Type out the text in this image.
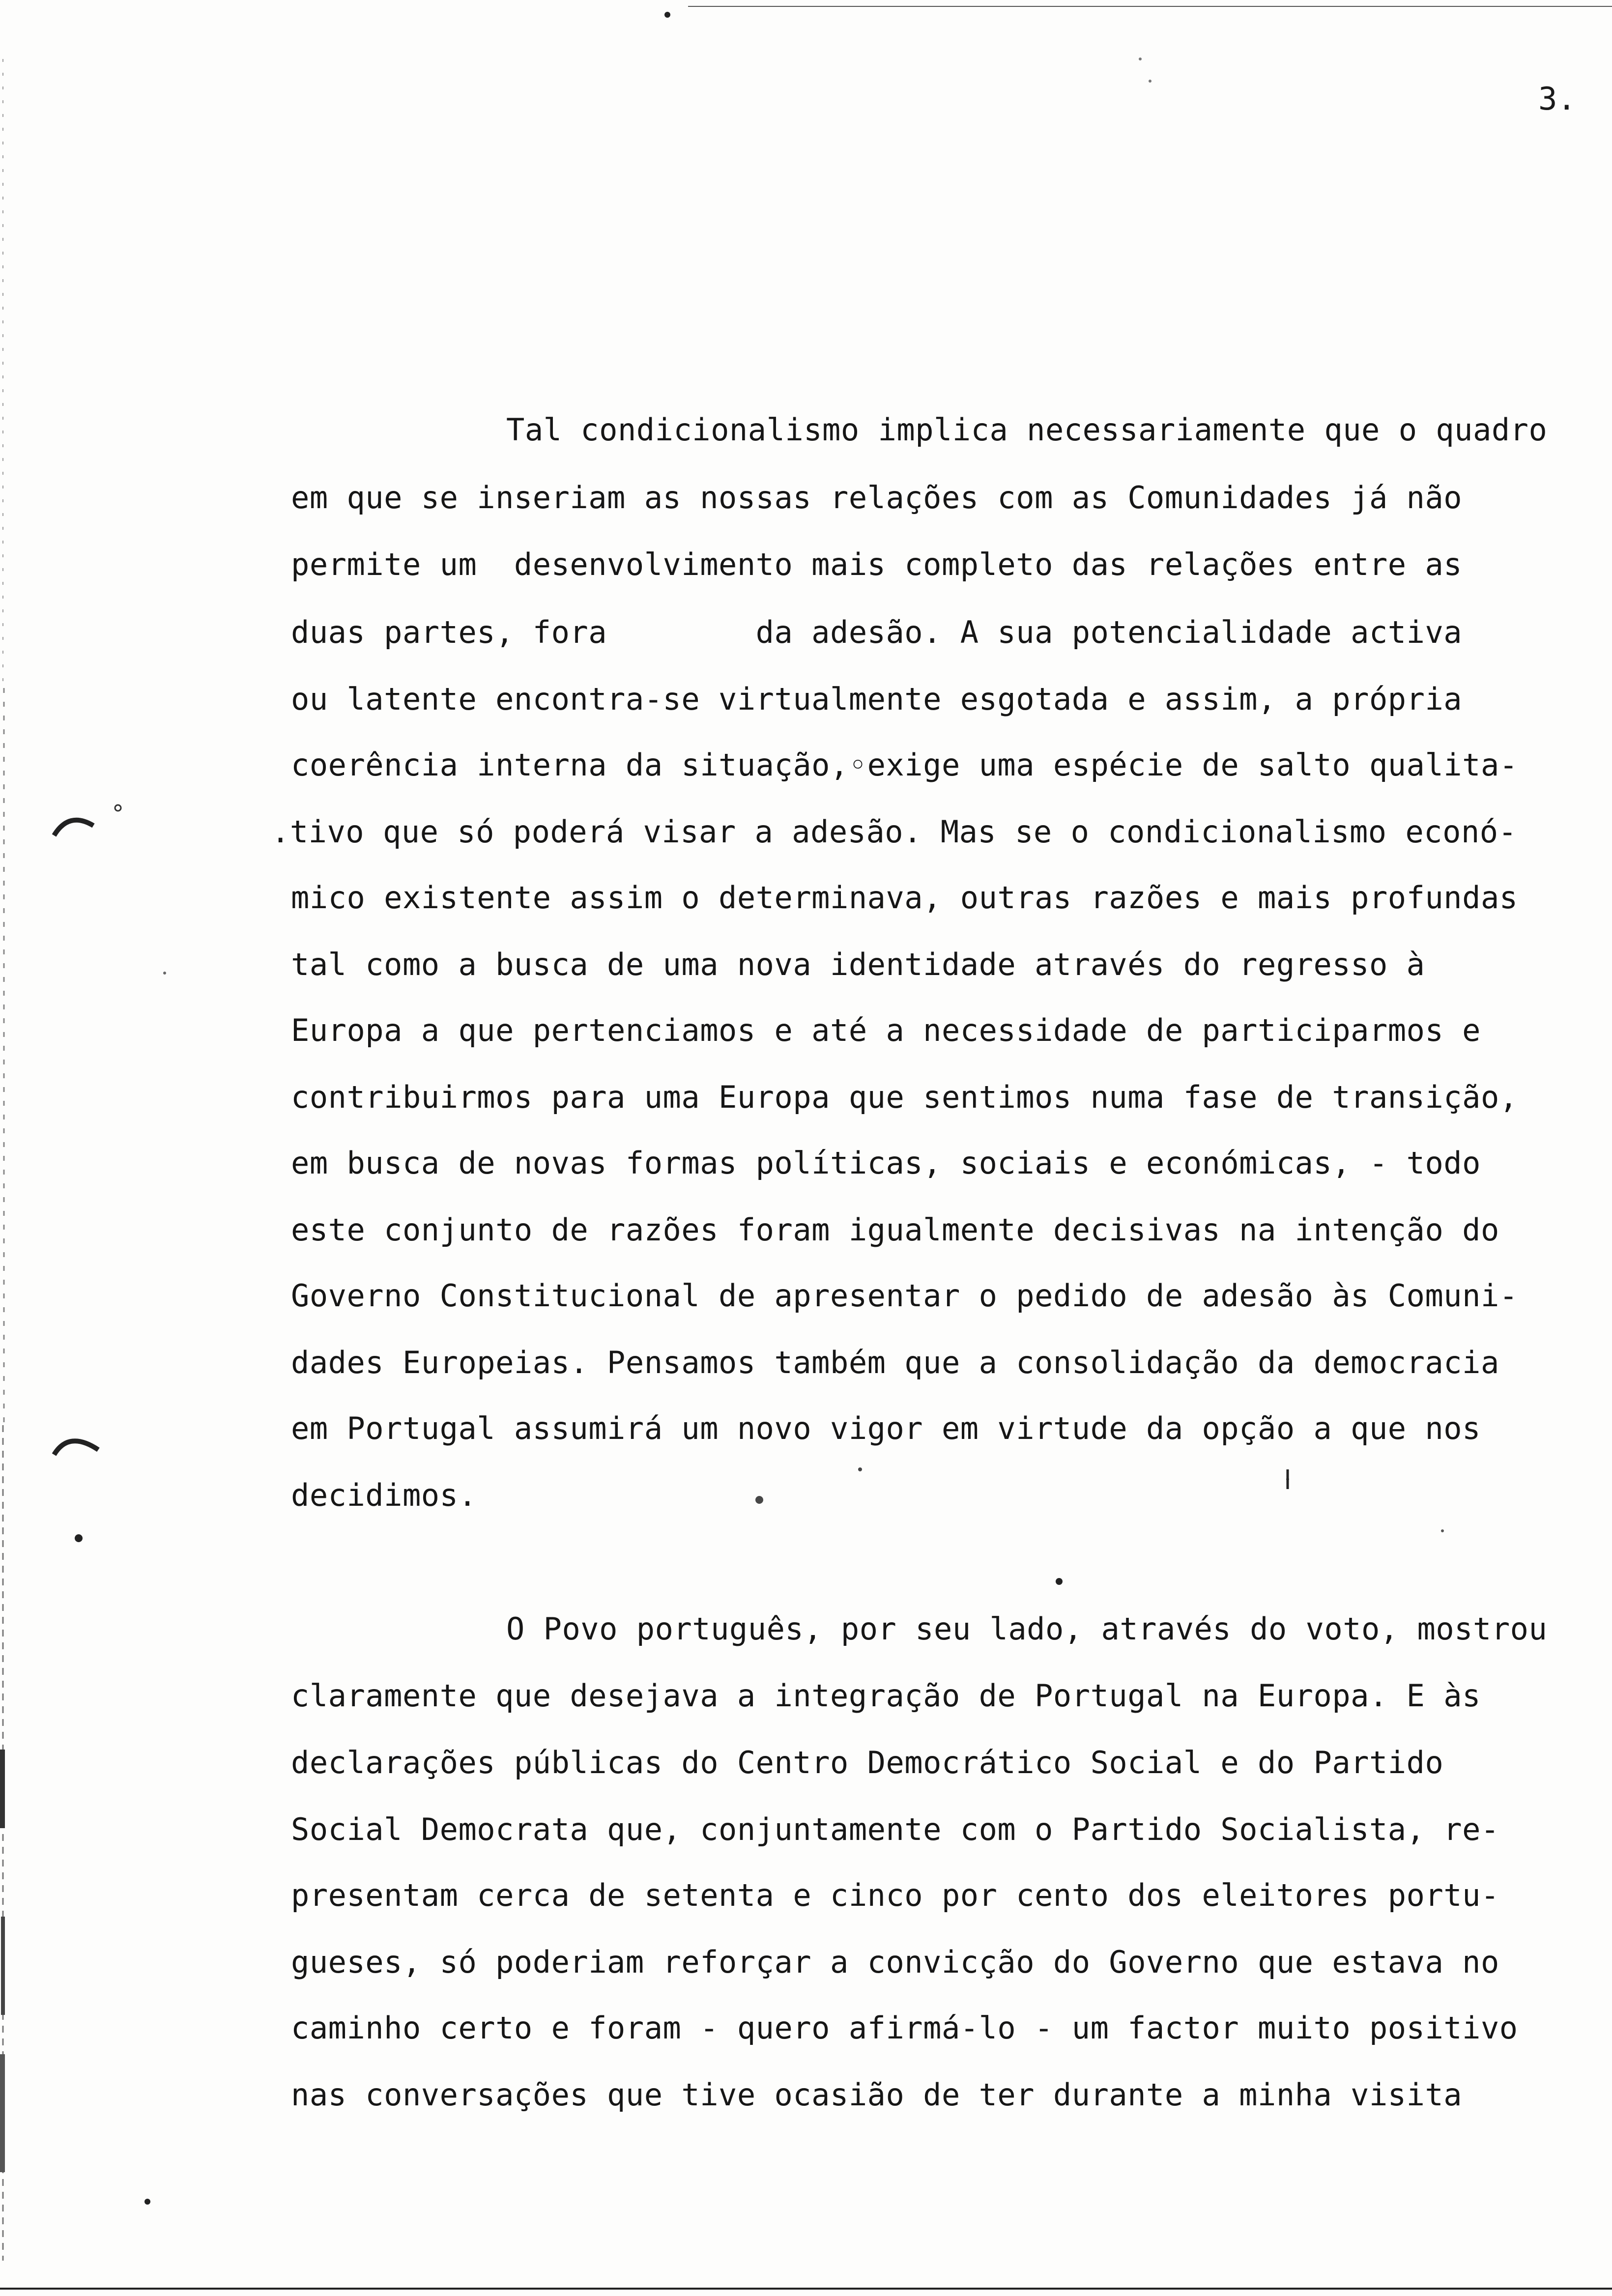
3.
Tal condicionalismo implica necessariamente que o quadro
em que se inseriam as nossas relações com as Comunidades já não
permite um  desenvolvimento mais completo das relações entre as
duas partes, fora        da adesão. A sua potencialidade activa
ou latente encontra-se virtualmente esgotada e assim, a própria
coerência interna da situação,◦exige uma espécie de salto qualita-
.tivo que só poderá visar a adesão. Mas se o condicionalismo econó-
mico existente assim o determinava, outras razões e mais profundas
tal como a busca de uma nova identidade através do regresso à
Europa a que pertenciamos e até a necessidade de participarmos e
contribuirmos para uma Europa que sentimos numa fase de transição,
em busca de novas formas políticas, sociais e económicas, - todo
este conjunto de razões foram igualmente decisivas na intenção do
Governo Constitucional de apresentar o pedido de adesão às Comuni-
dades Europeias. Pensamos também que a consolidação da democracia
em Portugal assumirá um novo vigor em virtude da opção a que nos
decidimos.
O Povo português, por seu lado, através do voto, mostrou
claramente que desejava a integração de Portugal na Europa. E às
declarações públicas do Centro Democrático Social e do Partido
Social Democrata que, conjuntamente com o Partido Socialista, re-
presentam cerca de setenta e cinco por cento dos eleitores portu-
gueses, só poderiam reforçar a convicção do Governo que estava no
caminho certo e foram - quero afirmá-lo - um factor muito positivo
nas conversações que tive ocasião de ter durante a minha visita
